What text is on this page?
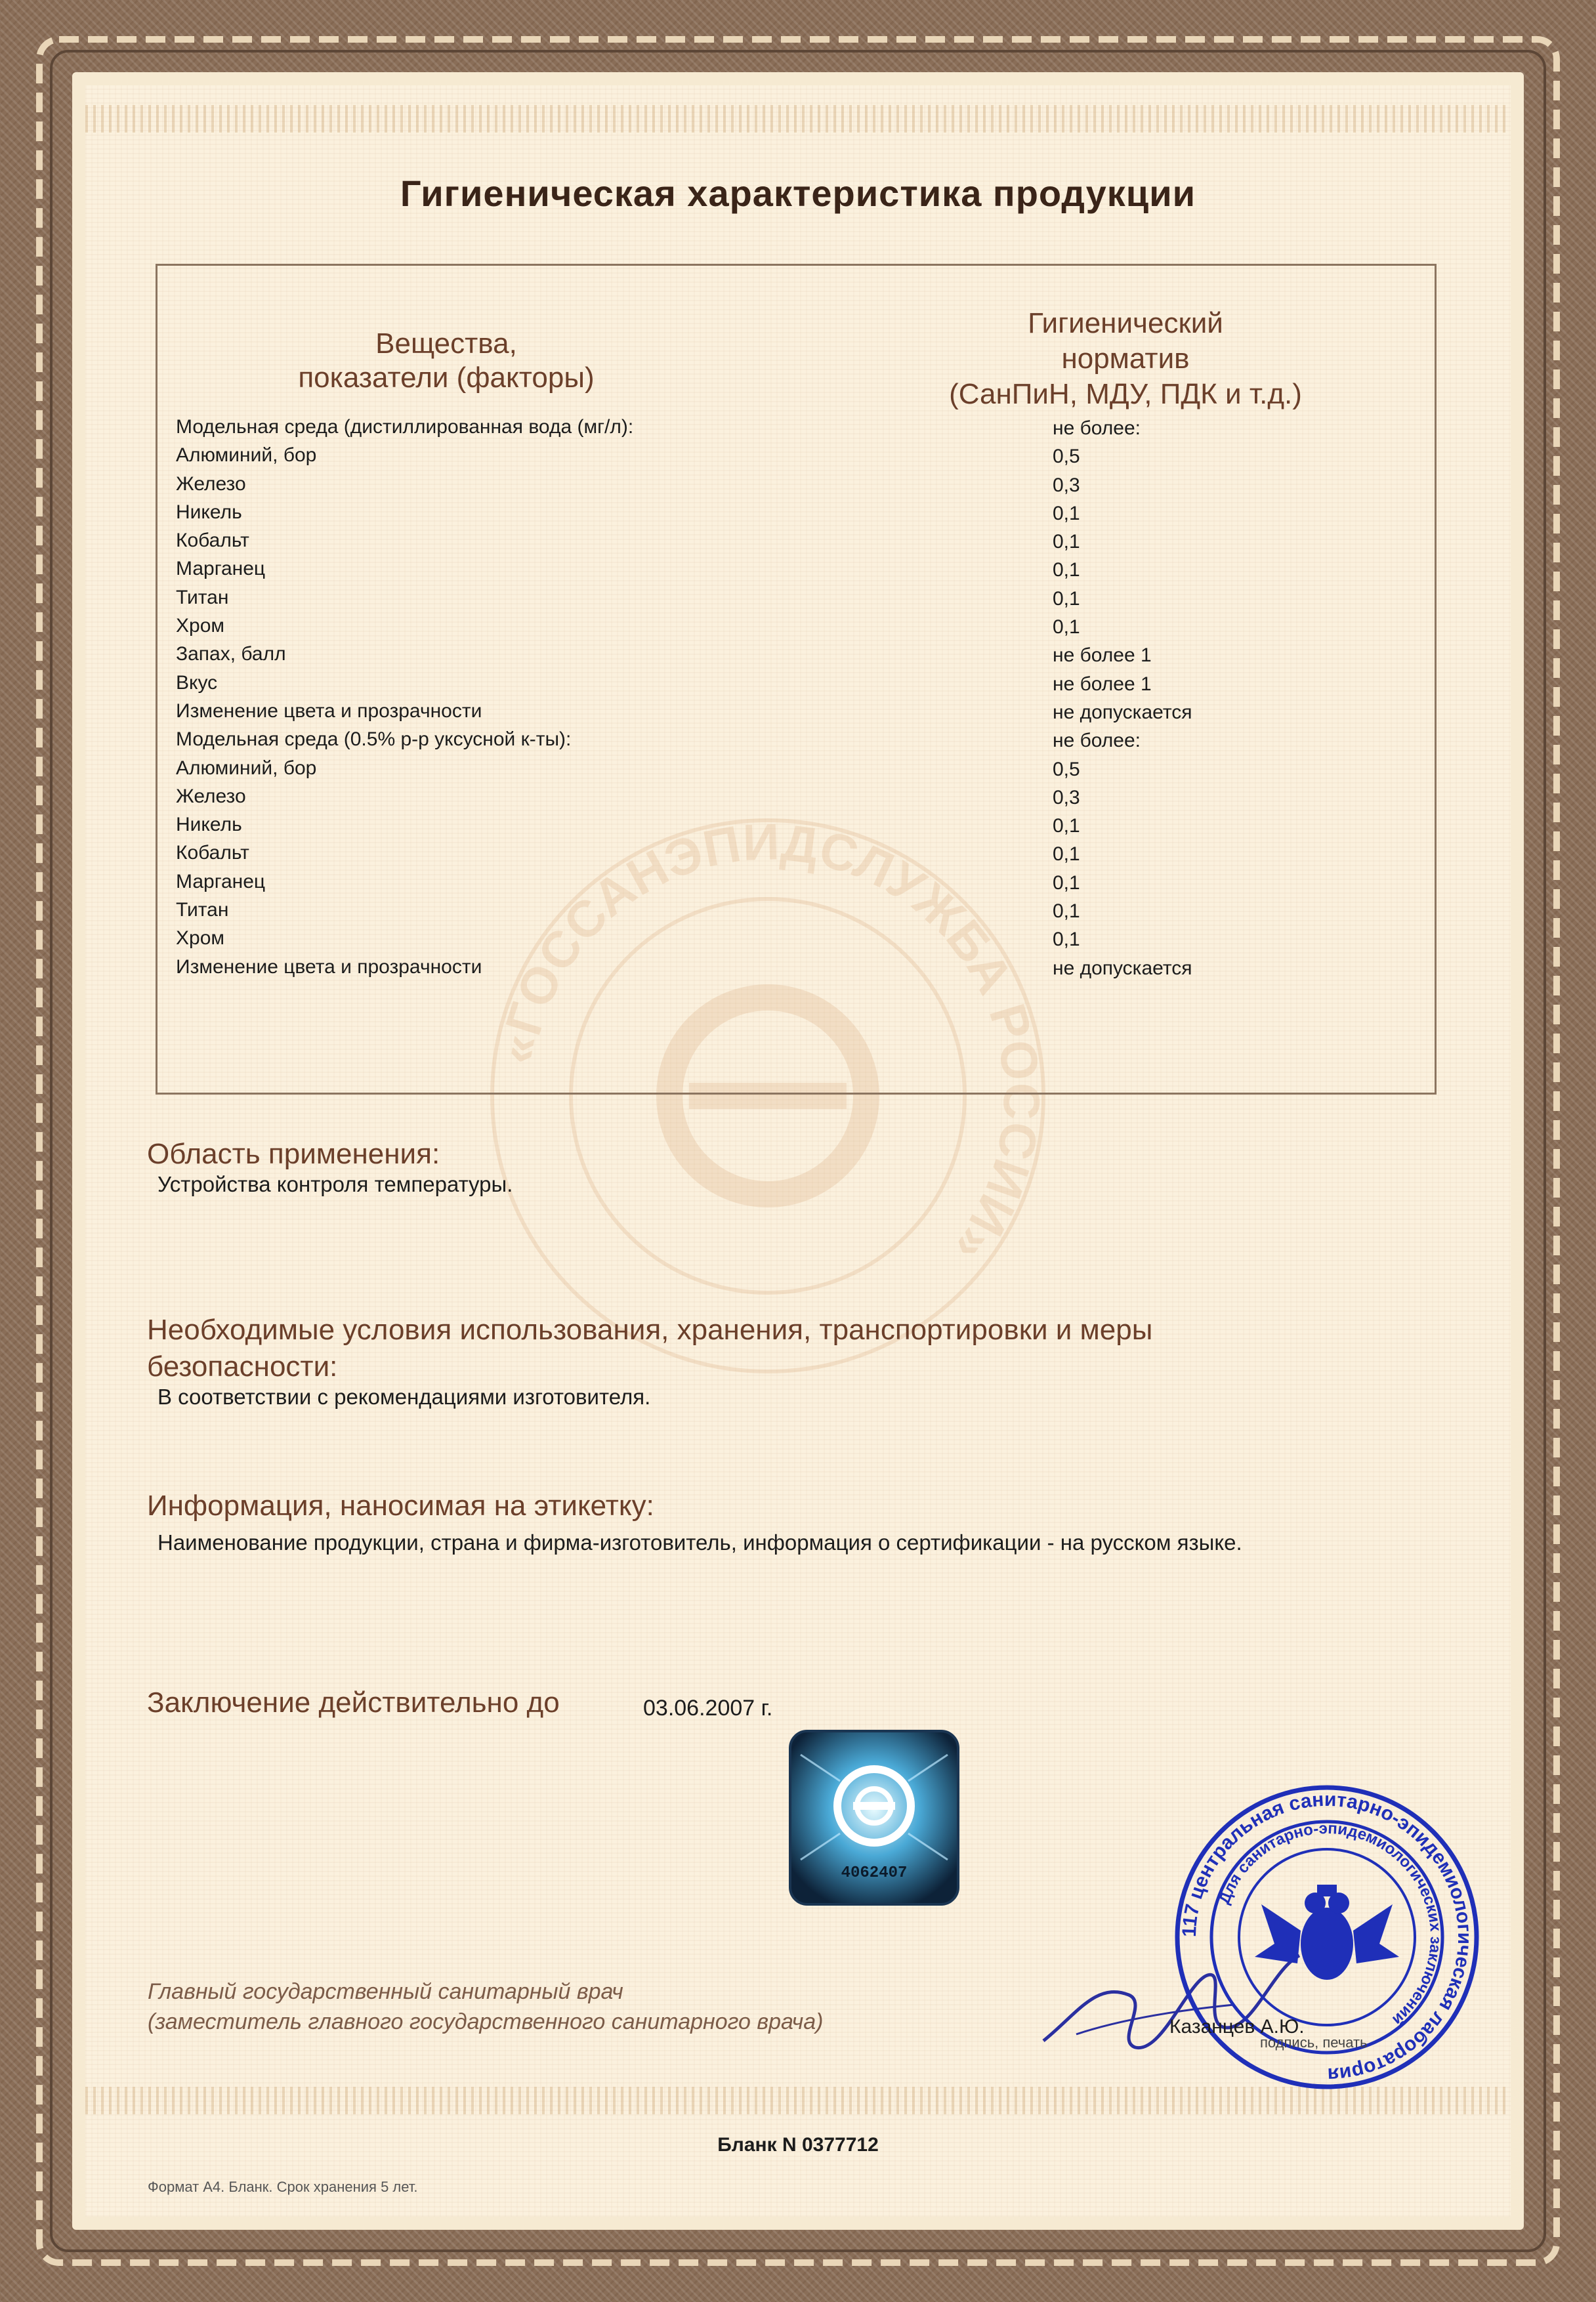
«ГОССАНЭПИДСЛУЖБА РОССИИ»
Гигиеническая характеристика продукции
Вещества,
показатели (факторы)
Гигиенический
норматив
(СанПиН, МДУ, ПДК и т.д.)
Модельная среда (дистиллированная вода (мг/л):	не более:
Алюминий, бор	0,5
Железо	0,3
Никель	0,1
Кобальт	0,1
Марганец	0,1
Титан	0,1
Хром	0,1
Запах, балл	не более 1
Вкус	не более 1
Изменение цвета и прозрачности	не допускается
Модельная среда (0.5% р-р уксусной к-ты):	не более:
Алюминий, бор	0,5
Железо	0,3
Никель	0,1
Кобальт	0,1
Марганец	0,1
Титан	0,1
Хром	0,1
Изменение цвета и прозрачности	не допускается
Область применения:
Устройства контроля температуры.
Необходимые условия использования, хранения, транспортировки и меры
безопасности:
В соответствии с рекомендациями изготовителя.
Информация, наносимая на этикетку:
Наименование продукции, страна и фирма-изготовитель, информация о сертификации - на русском языке.
Заключение действительно до	03.06.2007 г.
4062407
Главный государственный санитарный врач
(заместитель главного государственного санитарного врача)
117 центральная санитарно-эпидемиологическая лаборатория
Для санитарно-эпидемиологических заключений
Казанцев А.Ю.
подпись, печать
Бланк N 0377712
Формат А4. Бланк. Срок хранения 5 лет.
